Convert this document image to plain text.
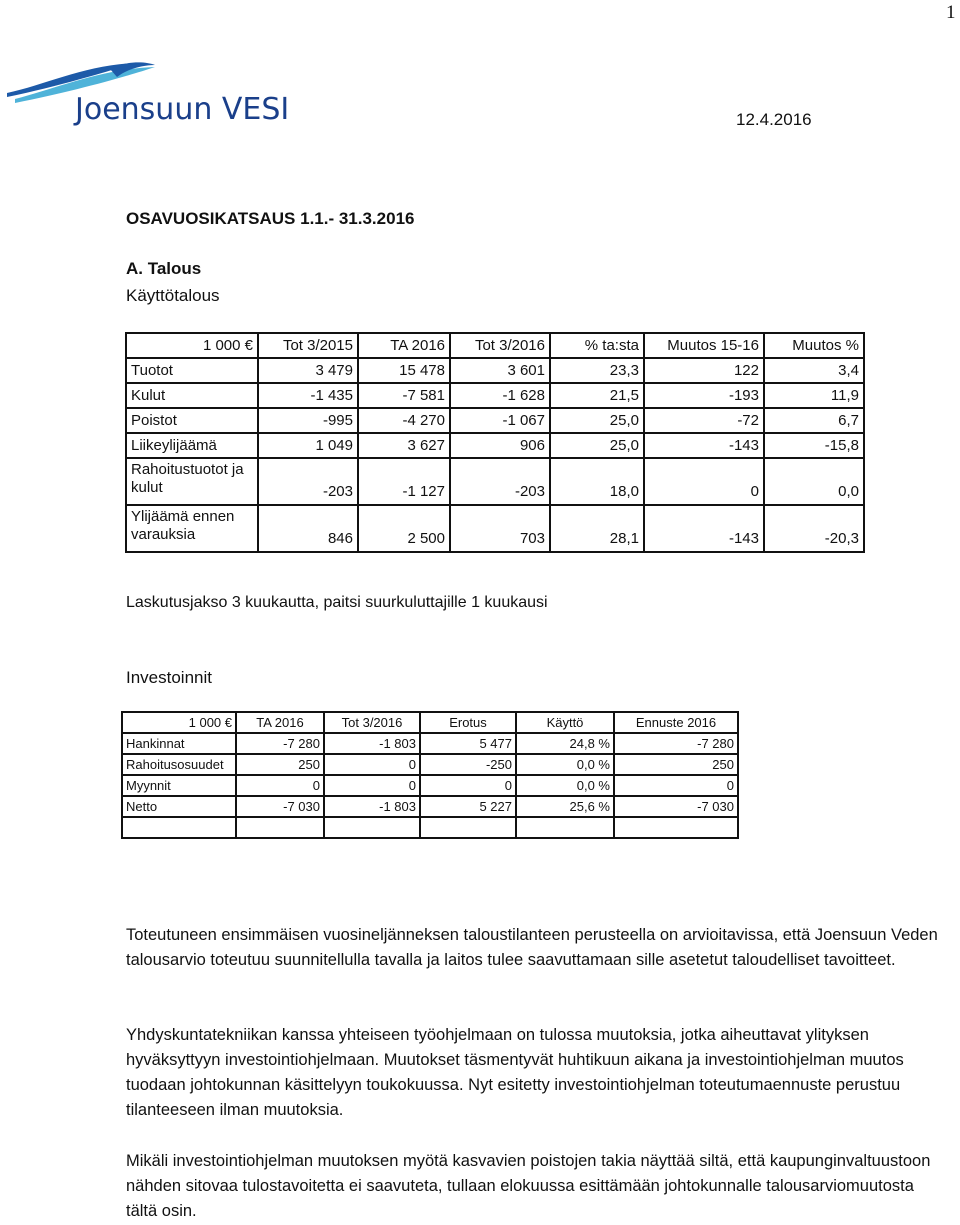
1
Joensuun VESI	12.4.2016
OSAVUOSIKATSAUS 1.1.- 31.3.2016
A. Talous
Käyttötalous
1 000 €	Tot 3/2015	TA 2016	Tot 3/2016	% ta:sta	Muutos 15-16	Muutos %
Tuotot	3 479	15 478	3 601	23,3	122	3,4
Kulut	-1 435	-7 581	-1 628	21,5	-193	11,9
Poistot	-995	-4 270	-1 067	25,0	-72	6,7
Liikeylijäämä	1 049	3 627	906	25,0	-143	-15,8
Rahoitustuotot ja kulut	-203	-1 127	-203	18,0	0	0,0
Ylijäämä ennen varauksia	846	2 500	703	28,1	-143	-20,3
Laskutusjakso 3 kuukautta, paitsi suurkuluttajille 1 kuukausi
Investoinnit
1 000 €	TA 2016	Tot 3/2016	Erotus	Käyttö	Ennuste 2016
Hankinnat	-7 280	-1 803	5 477	24,8 %	-7 280
Rahoitusosuudet	250	0	-250	0,0 %	250
Myynnit	0	0	0	0,0 %	0
Netto	-7 030	-1 803	5 227	25,6 %	-7 030

Toteutuneen ensimmäisen vuosineljänneksen taloustilanteen perusteella on arvioitavissa, että Joensuun Veden talousarvio toteutuu suunnitellulla tavalla ja laitos tulee saavuttamaan sille asetetut taloudelliset tavoitteet.

Yhdyskuntatekniikan kanssa yhteiseen työohjelmaan on tulossa muutoksia, jotka aiheuttavat ylityksen hyväksyttyyn investointiohjelmaan. Muutokset täsmentyvät huhtikuun aikana ja investointiohjelman muutos tuodaan johtokunnan käsittelyyn toukokuussa. Nyt esitetty investointiohjelman toteutumaennuste perustuu tilanteeseen ilman muutoksia.

Mikäli investointiohjelman muutoksen myötä kasvavien poistojen takia näyttää siltä, että kaupunginvaltuustoon nähden sitovaa tulostavoitetta ei saavuteta, tullaan elokuussa esittämään johtokunnalle talousarviomuutosta tältä osin.
